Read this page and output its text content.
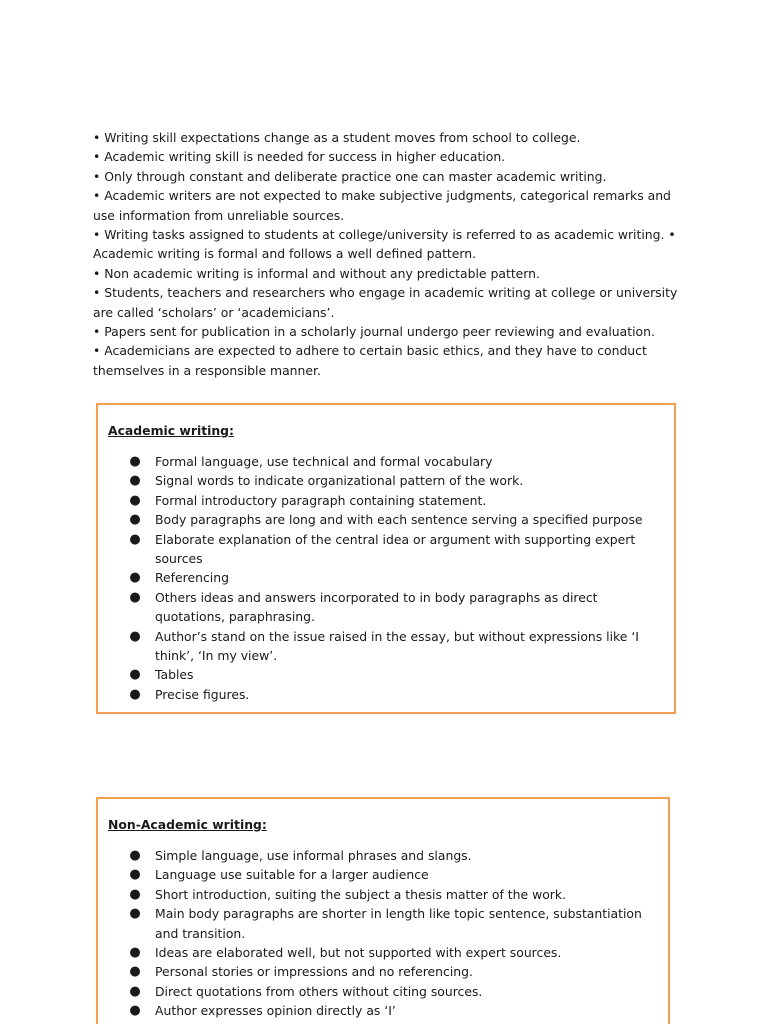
• Writing skill expectations change as a student moves from school to college.

• Academic writing skill is needed for success in higher education.

• Only through constant and deliberate practice one can master academic writing.

• Academic writers are not expected to make subjective judgments, categorical remarks and use information from unreliable sources.

• Writing tasks assigned to students at college/university is referred to as academic writing. • Academic writing is formal and follows a well defined pattern.

• Non academic writing is informal and without any predictable pattern.

• Students, teachers and researchers who engage in academic writing at college or university are called ‘scholars’ or ‘academicians’.

• Papers sent for publication in a scholarly journal undergo peer reviewing and evaluation.

• Academicians are expected to adhere to certain basic ethics, and they have to conduct themselves in a responsible manner.

Academic writing:

● Formal language, use technical and formal vocabulary
● Signal words to indicate organizational pattern of the work.
● Formal introductory paragraph containing statement.
● Body paragraphs are long and with each sentence serving a specified purpose
● Elaborate explanation of the central idea or argument with supporting expert sources
● Referencing
● Others ideas and answers incorporated to in body paragraphs as direct quotations, paraphrasing.
● Author’s stand on the issue raised in the essay, but without expressions like ‘I think’, ‘In my view’.
● Tables
● Precise figures.

Non-Academic writing:

● Simple language, use informal phrases and slangs.
● Language use suitable for a larger audience
● Short introduction, suiting the subject a thesis matter of the work.
● Main body paragraphs are shorter in length like topic sentence, substantiation and transition.
● Ideas are elaborated well, but not supported with expert sources.
● Personal stories or impressions and no referencing.
● Direct quotations from others without citing sources.
● Author expresses opinion directly as ‘I’
